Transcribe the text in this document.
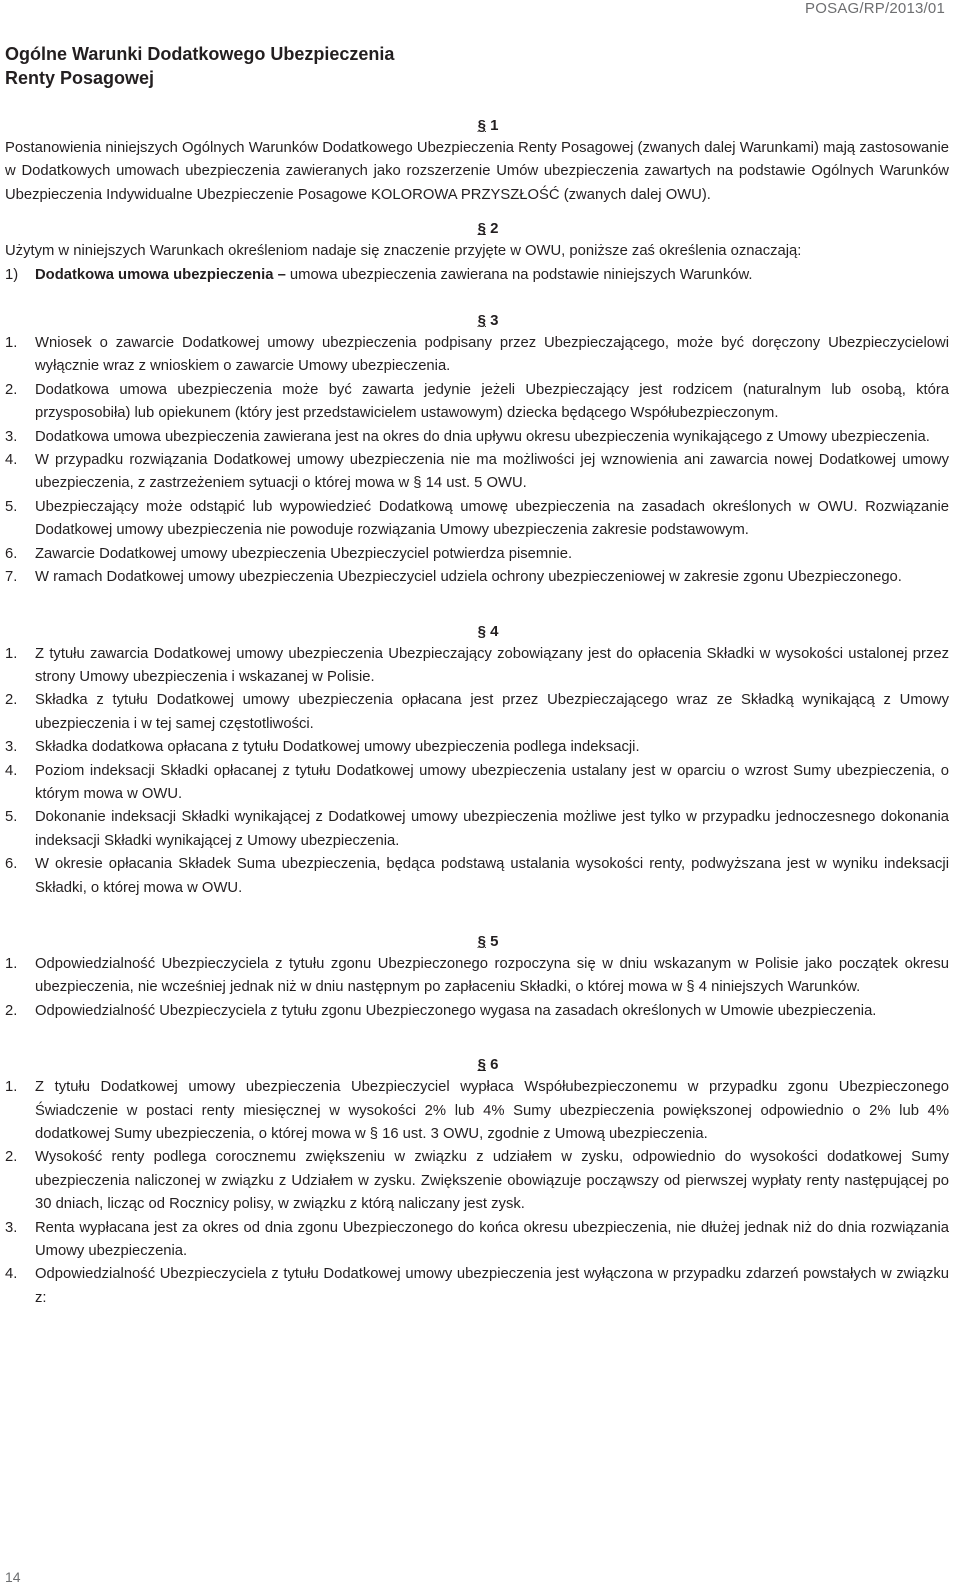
POSAG/RP/2013/01
Ogólne Warunki Dodatkowego Ubezpieczenia
Renty Posagowej
§ 1

Postanowienia niniejszych Ogólnych Warunków Dodatkowego Ubezpieczenia Renty Posagowej (zwanych dalej Warunkami) mają zastosowanie w Dodatkowych umowach ubezpieczenia zawieranych jako rozszerzenie Umów ubezpieczenia zawartych na podstawie Ogólnych Warunków Ubezpieczenia Indywidualne Ubezpieczenie Posagowe KOLOROWA PRZYSZŁOŚĆ (zwanych dalej OWU).

§ 2

Użytym w niniejszych Warunkach określeniom nadaje się znaczenie przyjęte w OWU, poniższe zaś określenia oznaczają:

1) Dodatkowa umowa ubezpieczenia – umowa ubezpieczenia zawierana na podstawie niniejszych Warunków.
§ 3
1. Wniosek o zawarcie Dodatkowej umowy ubezpieczenia podpisany przez Ubezpieczającego, może być doręczony Ubezpieczycielowi wyłącznie wraz z wnioskiem o zawarcie Umowy ubezpieczenia.
2. Dodatkowa umowa ubezpieczenia może być zawarta jedynie jeżeli Ubezpieczający jest rodzicem (naturalnym lub osobą, która przysposobiła) lub opiekunem (który jest przedstawicielem ustawowym) dziecka będącego Współubezpieczonym.
3. Dodatkowa umowa ubezpieczenia zawierana jest na okres do dnia upływu okresu ubezpieczenia wynikającego z Umowy ubezpieczenia.
4. W przypadku rozwiązania Dodatkowej umowy ubezpieczenia nie ma możliwości jej wznowienia ani zawarcia nowej Dodatkowej umowy ubezpieczenia, z zastrzeżeniem sytuacji o której mowa w § 14 ust. 5 OWU.
5. Ubezpieczający może odstąpić lub wypowiedzieć Dodatkową umowę ubezpieczenia na zasadach określonych w OWU. Rozwiązanie Dodatkowej umowy ubezpieczenia nie powoduje rozwiązania Umowy ubezpieczenia zakresie podstawowym.
6. Zawarcie Dodatkowej umowy ubezpieczenia Ubezpieczyciel potwierdza pisemnie.
7. W ramach Dodatkowej umowy ubezpieczenia Ubezpieczyciel udziela ochrony ubezpieczeniowej w zakresie zgonu Ubezpieczonego.
§ 4
1. Z tytułu zawarcia Dodatkowej umowy ubezpieczenia Ubezpieczający zobowiązany jest do opłacenia Składki w wysokości ustalonej przez strony Umowy ubezpieczenia i wskazanej w Polisie.
2. Składka z tytułu Dodatkowej umowy ubezpieczenia opłacana jest przez Ubezpieczającego wraz ze Składką wynikającą z Umowy ubezpieczenia i w tej samej częstotliwości.
3. Składka dodatkowa opłacana z tytułu Dodatkowej umowy ubezpieczenia podlega indeksacji.
4. Poziom indeksacji Składki opłacanej z tytułu Dodatkowej umowy ubezpieczenia ustalany jest w oparciu o wzrost Sumy ubezpieczenia, o którym mowa w OWU.
5. Dokonanie indeksacji Składki wynikającej z Dodatkowej umowy ubezpieczenia możliwe jest tylko w przypadku jednoczesnego dokonania indeksacji Składki wynikającej z Umowy ubezpieczenia.
6. W okresie opłacania Składek Suma ubezpieczenia, będąca podstawą ustalania wysokości renty, podwyższana jest w wyniku indeksacji Składki, o której mowa w OWU.
§ 5
1. Odpowiedzialność Ubezpieczyciela z tytułu zgonu Ubezpieczonego rozpoczyna się w dniu wskazanym w Polisie jako początek okresu ubezpieczenia, nie wcześniej jednak niż w dniu następnym po zapłaceniu Składki, o której mowa w § 4 niniejszych Warunków.
2. Odpowiedzialność Ubezpieczyciela z tytułu zgonu Ubezpieczonego wygasa na zasadach określonych w Umowie ubezpieczenia.
§ 6
1. Z tytułu Dodatkowej umowy ubezpieczenia Ubezpieczyciel wypłaca Współubezpieczonemu w przypadku zgonu Ubezpieczonego Świadczenie w postaci renty miesięcznej w wysokości 2% lub 4% Sumy ubezpieczenia powiększonej odpowiednio o 2% lub 4% dodatkowej Sumy ubezpieczenia, o której mowa w § 16 ust. 3 OWU, zgodnie z Umową ubezpieczenia.
2. Wysokość renty podlega corocznemu zwiększeniu w związku z udziałem w zysku, odpowiednio do wysokości dodatkowej Sumy ubezpieczenia naliczonej w związku z Udziałem w zysku. Zwiększenie obowiązuje począwszy od pierwszej wypłaty renty następującej po 30 dniach, licząc od Rocznicy polisy, w związku z którą naliczany jest zysk.
3. Renta wypłacana jest za okres od dnia zgonu Ubezpieczonego do końca okresu ubezpieczenia, nie dłużej jednak niż do dnia rozwiązania Umowy ubezpieczenia.
4. Odpowiedzialność Ubezpieczyciela z tytułu Dodatkowej umowy ubezpieczenia jest wyłączona w przypadku zdarzeń powstałych w związku z:
14
